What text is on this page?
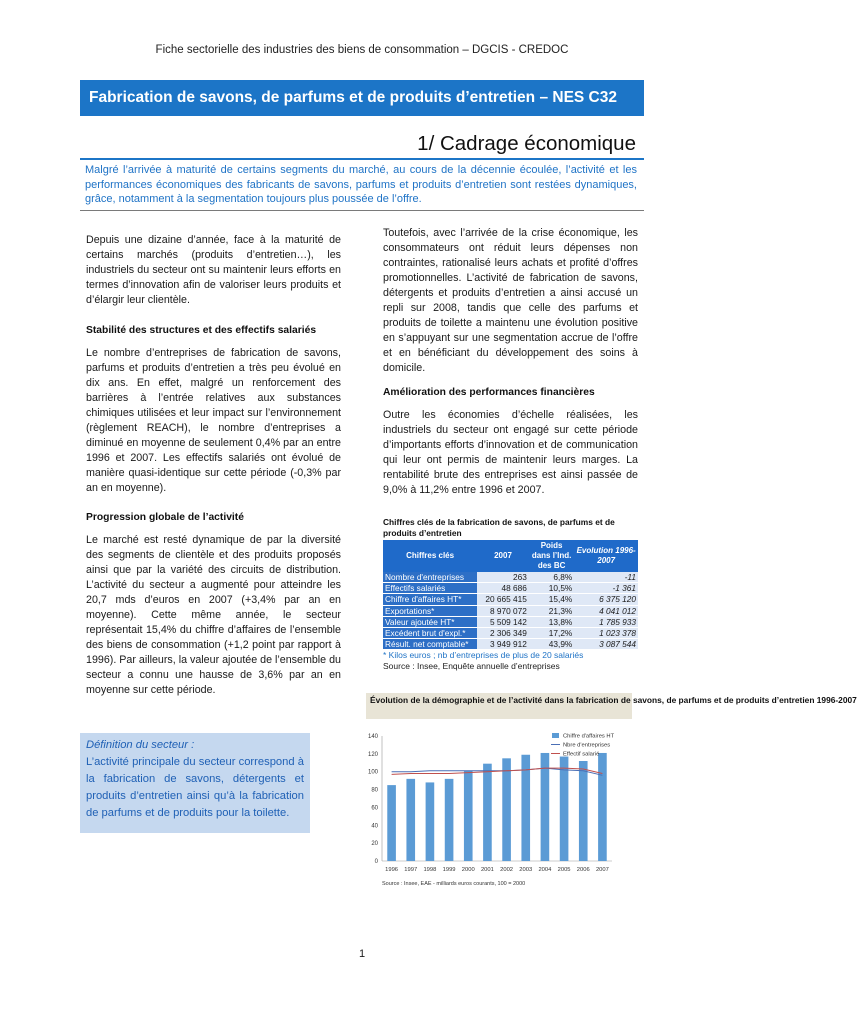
Fiche sectorielle des industries des biens de consommation – DGCIS - CREDOC
Fabrication de savons, de parfums et de produits d’entretien – NES C32
1/ Cadrage économique
Malgré l’arrivée à maturité de certains segments du marché, au cours de la décennie écoulée, l’activité et les performances économiques des fabricants de savons, parfums et produits d’entretien sont restées dynamiques, grâce, notamment à la segmentation toujours plus poussée de l’offre.

Depuis une dizaine d’année, face à la maturité de certains marchés (produits d’entretien…), les industriels du secteur ont su maintenir leurs efforts en termes d’innovation afin de valoriser leurs produits et d’élargir leur clientèle.

Stabilité des structures et des effectifs salariés

Le nombre d’entreprises de fabrication de savons, parfums et produits d’entretien a très peu évolué en dix ans. En effet, malgré un renforcement des barrières à l’entrée relatives aux substances chimiques utilisées et leur impact sur l’environnement (règlement REACH), le nombre d’entreprises a diminué en moyenne de seulement 0,4% par an entre 1996 et 2007. Les effectifs salariés ont évolué de manière quasi-identique sur cette période (-0,3% par an en moyenne).

Progression globale de l’activité

Le marché est resté dynamique de par la diversité des segments de clientèle et des produits proposés ainsi que par la variété des circuits de distribution. L’activité du secteur a augmenté pour atteindre les 20,7 mds d’euros en 2007 (+3,4% par an en moyenne). Cette même année, le secteur représentait 15,4% du chiffre d’affaires de l’ensemble des biens de consommation (+1,2 point par rapport à 1996). Par ailleurs, la valeur ajoutée de l’ensemble du secteur a connu une hausse de 3,6% par an en moyenne sur cette période.

Définition du secteur :
L’activité principale du secteur correspond à la fabrication de savons, détergents et produits d’entretien ainsi qu’à la fabrication de parfums et de produits pour la toilette.

Toutefois, avec l’arrivée de la crise économique, les consommateurs ont réduit leurs dépenses non contraintes, rationalisé leurs achats et profité d’offres promotionnelles. L’activité de fabrication de savons, détergents et produits d’entretien a ainsi accusé un repli sur 2008, tandis que celle des parfums et produits de toilette a maintenu une évolution positive en s’appuyant sur une segmentation accrue de l’offre et en bénéficiant du développement des soins à domicile.

Amélioration des performances financières

Outre les économies d’échelle réalisées, les industriels du secteur ont engagé sur cette période d’importants efforts d’innovation et de communication qui leur ont permis de maintenir leurs marges. La rentabilité brute des entreprises est ainsi passée de 9,0% à 11,2% entre 1996 et 2007.

Chiffres clés de la fabrication de savons, de parfums et de produits d’entretien
Chiffres clés	2007	Poids dans l’Ind. des BC	Evolution 1996-2007
Nombre d'entreprises	263	6,8%	-11
Effectifs salariés	48 686	10,5%	-1 361
Chiffre d'affaires HT*	20 665 415	15,4%	6 375 120
Exportations*	8 970 072	21,3%	4 041 012
Valeur ajoutée HT*	5 509 142	13,8%	1 785 933
Excédent brut d'expl.*	2 306 349	17,2%	1 023 378
Résult. net comptable*	3 949 912	43,9%	3 087 544
* Kilos euros ; nb d’entreprises de plus de 20 salariés
Source : Insee, Enquête annuelle d’entreprises
Évolution de la démographie et de l’activité dans la fabrication de savons, de parfums et de produits d’entretien 1996-2007
0
20
40
60
80
100
120
140
1996 1997 1998 1999 2000 2001 2002 2003 2004 2005 2006 2007
Chiffre d'affaires HT
Nbre d'entreprises
Effectif salarié
Source : Insee, EAE - milliards euros courants, 100 = 2000
1
